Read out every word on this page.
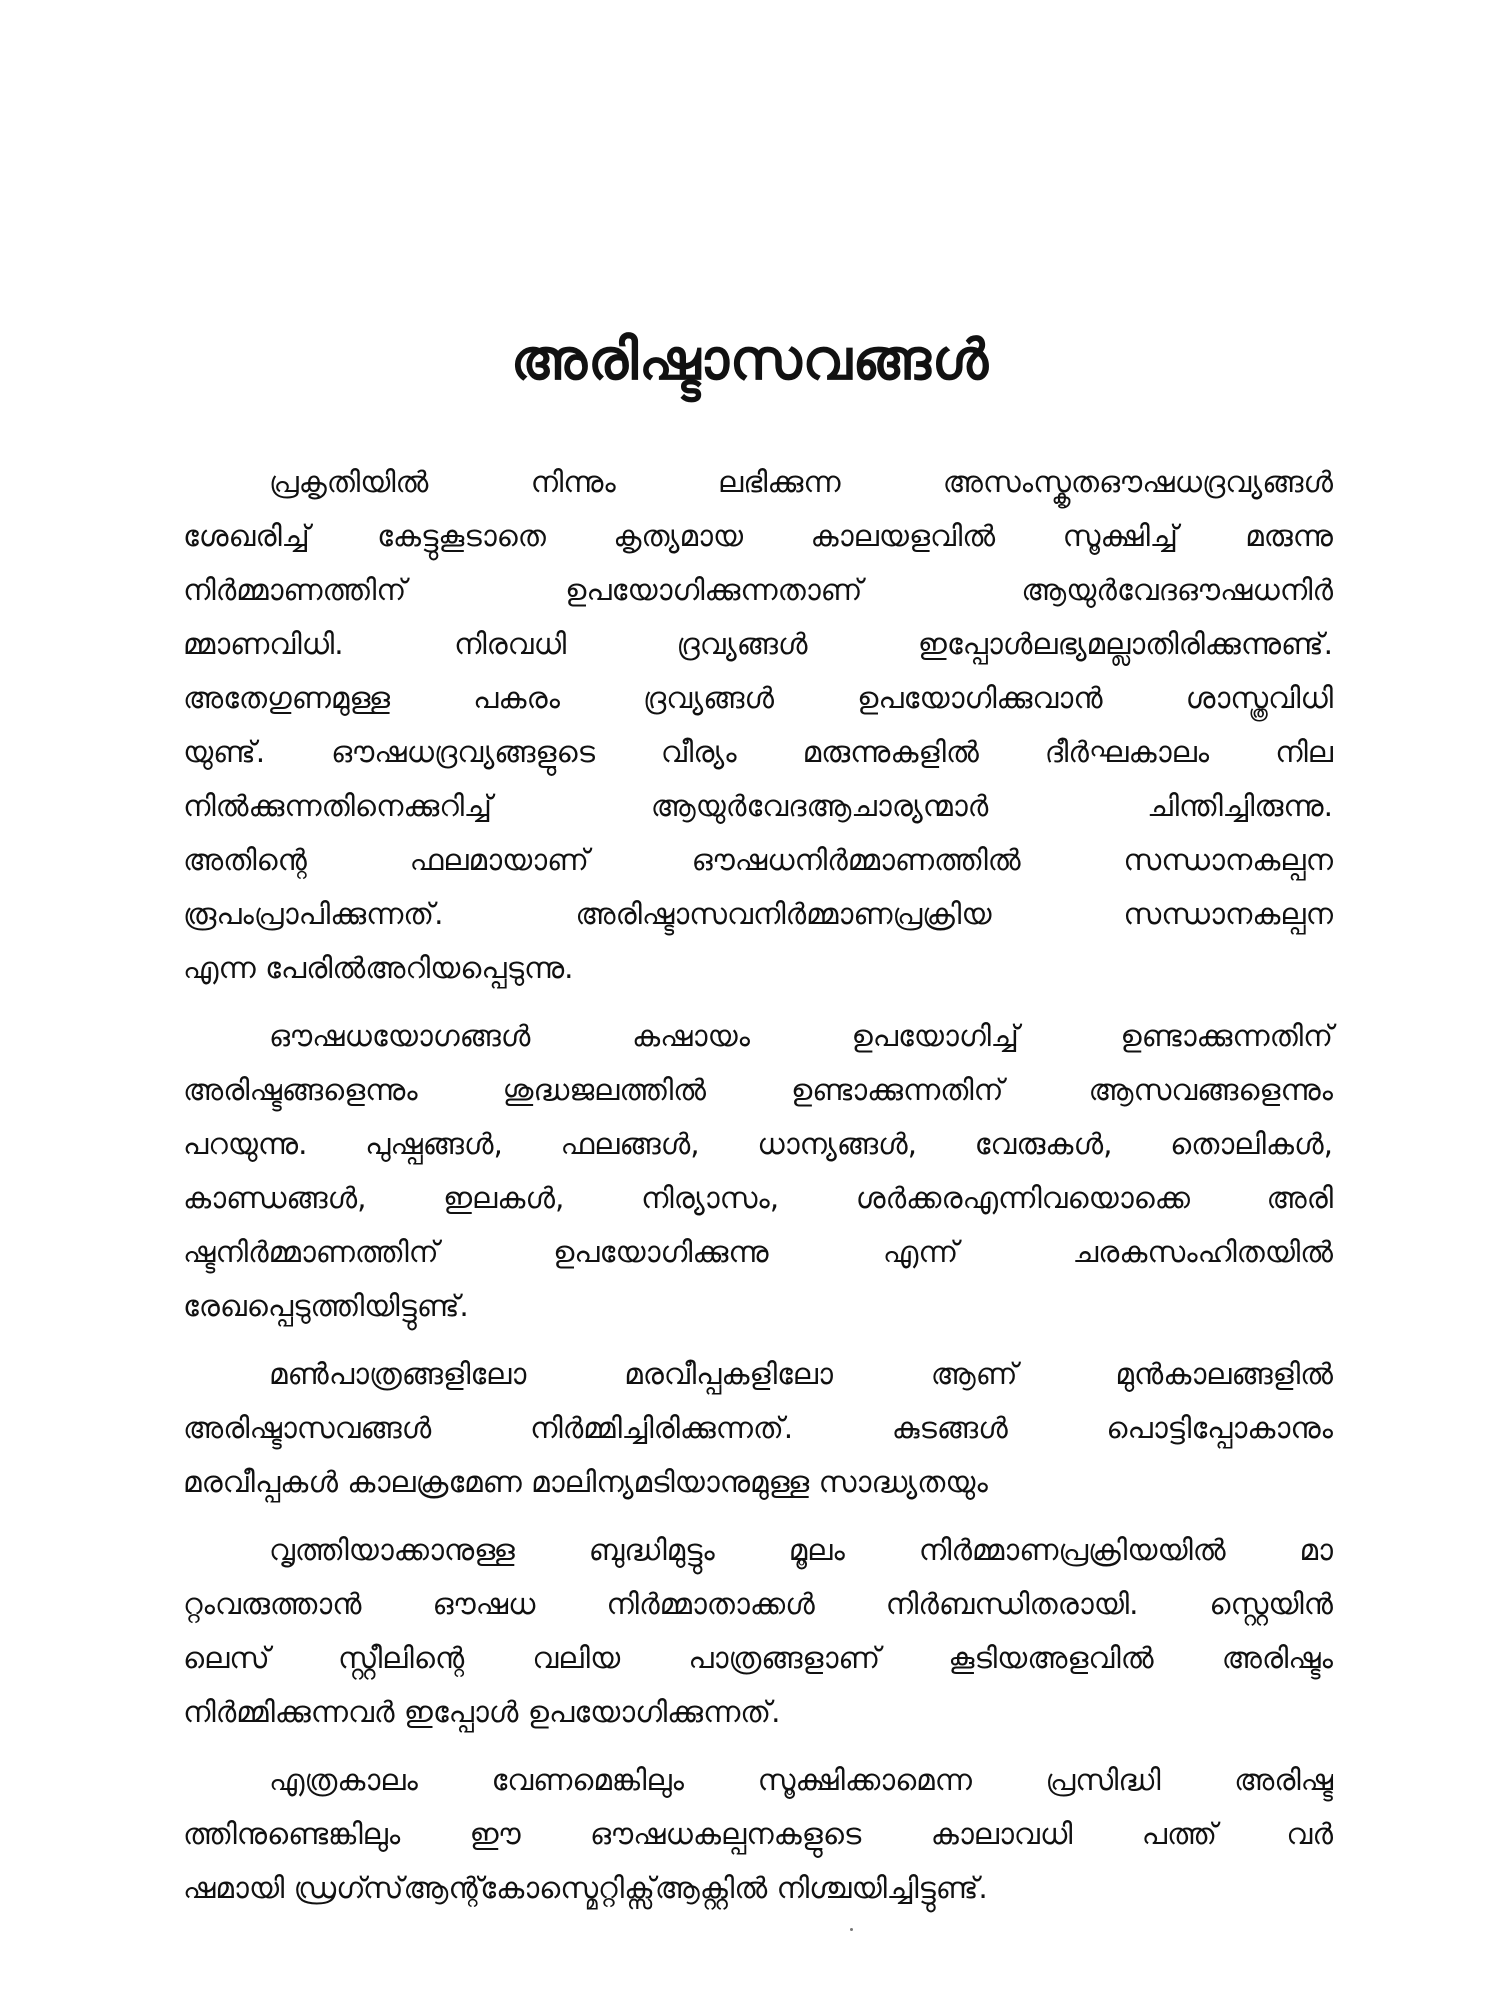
അരിഷ്ടാസവങ്ങൾ

പ്രകൃതിയിൽ നിന്നും ലഭിക്കുന്ന അസംസ്കൃതഔഷധദ്രവ്യങ്ങൾ
ശേഖരിച്ച് കേട്ടുകൂടാതെ കൃത്യമായ കാലയളവിൽ സൂക്ഷിച്ച് മരുന്നു
നിർമ്മാണത്തിന് ഉപയോഗിക്കുന്നതാണ് ആയുർവേദഔഷധനിർ
മ്മാണവിധി. നിരവധി ദ്രവ്യങ്ങൾ ഇപ്പോൾലഭ്യമല്ലാതിരിക്കുന്നുണ്ട്.
അതേഗുണമുള്ള പകരം ദ്രവ്യങ്ങൾ ഉപയോഗിക്കുവാൻ ശാസ്ത്രവിധി
യുണ്ട്. ഔഷധദ്രവ്യങ്ങളുടെ വീര്യം മരുന്നുകളിൽ ദീർഘകാലം നില
നിൽക്കുന്നതിനെക്കുറിച്ച് ആയുർവേദആചാര്യന്മാർ ചിന്തിച്ചിരുന്നു.
അതിന്റെ ഫലമായാണ് ഔഷധനിർമ്മാണത്തിൽ സന്ധാനകല്പന
രൂപംപ്രാപിക്കുന്നത്. അരിഷ്ടാസവനിർമ്മാണപ്രക്രിയ സന്ധാനകല്പന
എന്ന പേരിൽഅറിയപ്പെടുന്നു.

ഔഷധയോഗങ്ങൾ കഷായം ഉപയോഗിച്ച് ഉണ്ടാക്കുന്നതിന്
അരിഷ്ടങ്ങളെന്നും ശുദ്ധജലത്തിൽ ഉണ്ടാക്കുന്നതിന് ആസവങ്ങളെന്നും
പറയുന്നു. പുഷ്പങ്ങൾ, ഫലങ്ങൾ, ധാന്യങ്ങൾ, വേരുകൾ, തൊലികൾ,
കാണ്ഡങ്ങൾ, ഇലകൾ, നിര്യാസം, ശർക്കരഎന്നിവയൊക്കെ അരി
ഷ്ടനിർമ്മാണത്തിന് ഉപയോഗിക്കുന്നു എന്ന് ചരകസംഹിതയിൽ
രേഖപ്പെടുത്തിയിട്ടുണ്ട്.

മൺപാത്രങ്ങളിലോ മരവീപ്പകളിലോ ആണ് മുൻകാലങ്ങളിൽ
അരിഷ്ടാസവങ്ങൾ നിർമ്മിച്ചിരിക്കുന്നത്. കുടങ്ങൾ പൊട്ടിപ്പോകാനും
മരവീപ്പകൾ കാലക്രമേണ മാലിന്യമടിയാനുമുള്ള സാദ്ധ്യതയും

വൃത്തിയാക്കാനുള്ള ബുദ്ധിമുട്ടും മൂലം നിർമ്മാണപ്രക്രിയയിൽ മാ
റ്റംവരുത്താൻ ഔഷധ നിർമ്മാതാക്കൾ നിർബന്ധിതരായി. സ്റ്റെയിൻ
ലെസ് സ്റ്റീലിന്റെ വലിയ പാത്രങ്ങളാണ് കൂടിയഅളവിൽ അരിഷ്ടം
നിർമ്മിക്കുന്നവർ ഇപ്പോൾ ഉപയോഗിക്കുന്നത്.

എത്രകാലം വേണമെങ്കിലും സൂക്ഷിക്കാമെന്ന പ്രസിദ്ധി അരിഷ്ട
ത്തിനുണ്ടെങ്കിലും ഈ ഔഷധകല്പനകളുടെ കാലാവധി പത്ത് വർ
ഷമായി ഡ്രഗ്സ്ആന്റ്കോസ്മെറ്റിക്സ്ആക്റ്റിൽ നിശ്ചയിച്ചിട്ടുണ്ട്.
